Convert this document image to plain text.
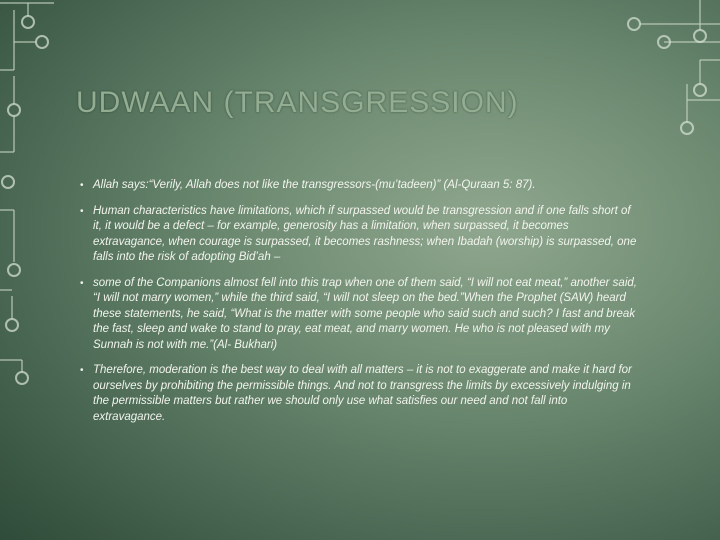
UDWAAN (TRANSGRESSION)
• Allah says:“Verily, Allah does not like the transgressors-(mu’tadeen)” (Al-Quraan 5: 87).
• Human characteristics have limitations, which if surpassed would be transgression and if one falls short of it, it would be a defect – for example, generosity has a limitation, when surpassed, it becomes extravagance, when courage is surpassed, it becomes rashness; when Ibadah (worship) is surpassed, one falls into the risk of adopting Bid’ah –
• some of the Companions almost fell into this trap when one of them said, “I will not eat meat,” another said, “I will not marry women,” while the third said, “I will not sleep on the bed.”When the Prophet (SAW) heard these statements, he said, “What is the matter with some people who said such and such? I fast and break the fast, sleep and wake to stand to pray, eat meat, and marry women. He who is not pleased with my Sunnah is not with me.”(Al- Bukhari)
• Therefore, moderation is the best way to deal with all matters – it is not to exaggerate and make it hard for ourselves by prohibiting the permissible things. And not to transgress the limits by excessively indulging in the permissible matters but rather we should only use what satisfies our need and not fall into extravagance.
